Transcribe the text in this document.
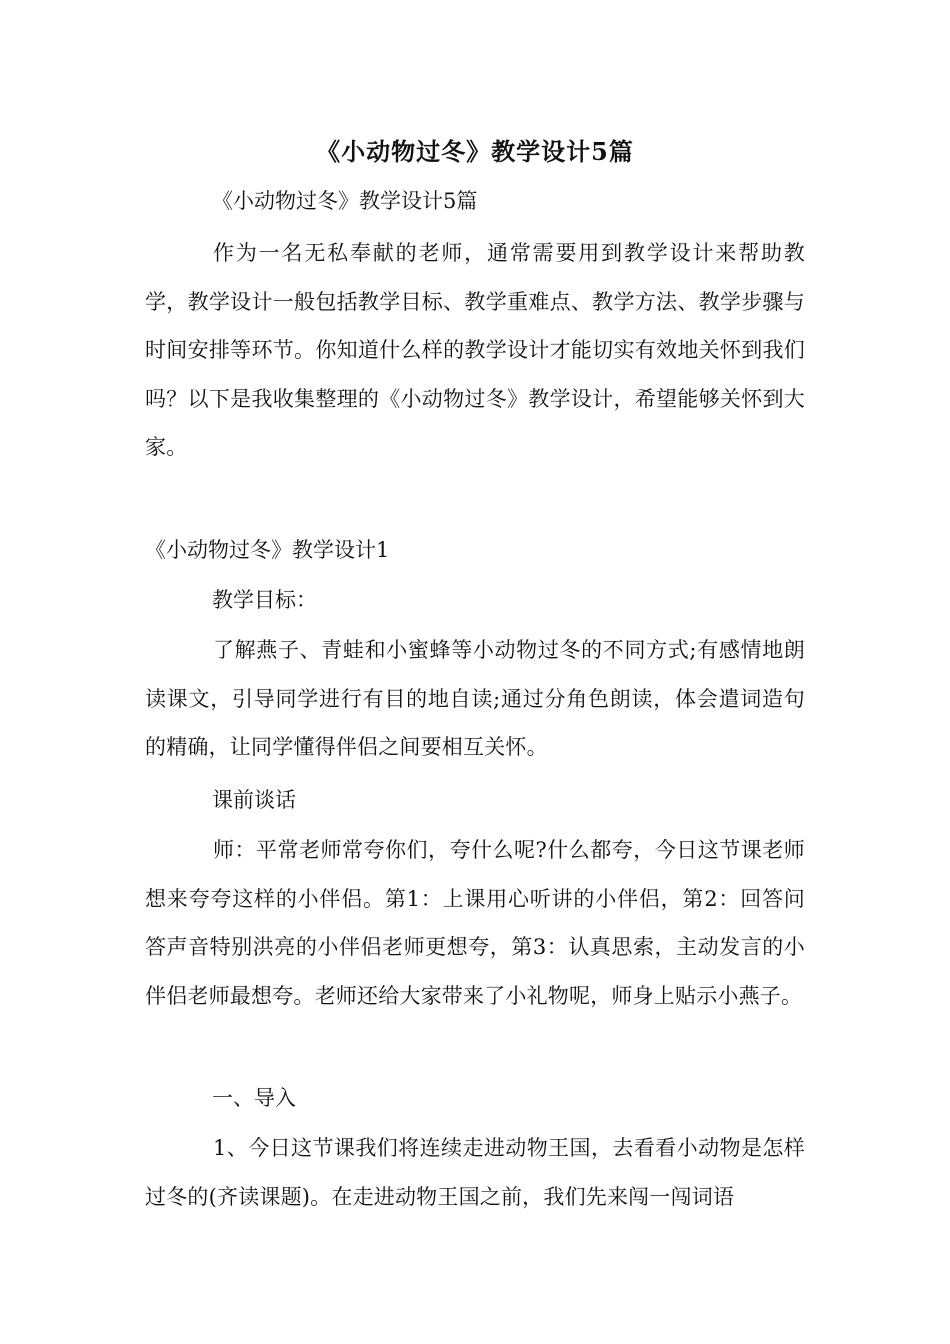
《小动物过冬》教学设计5篇
《小动物过冬》教学设计5篇
作为一名无私奉献的老师，通常需要用到教学设计来帮助教学，教学设计一般包括教学目标、教学重难点、教学方法、教学步骤与时间安排等环节。你知道什么样的教学设计才能切实有效地关怀到我们吗？以下是我收集整理的《小动物过冬》教学设计，希望能够关怀到大家。
《小动物过冬》教学设计1
教学目标：
了解燕子、青蛙和小蜜蜂等小动物过冬的不同方式;有感情地朗读课文，引导同学进行有目的地自读;通过分角色朗读，体会遣词造句的精确，让同学懂得伴侣之间要相互关怀。
课前谈话
师：平常老师常夸你们，夸什么呢?什么都夸，今日这节课老师想来夸夸这样的小伴侣。第1：上课用心听讲的小伴侣，第2：回答问答声音特别洪亮的小伴侣老师更想夸，第3：认真思索，主动发言的小伴侣老师最想夸。老师还给大家带来了小礼物呢，师身上贴示小燕子。
一、导入
1、今日这节课我们将连续走进动物王国，去看看小动物是怎样过冬的(齐读课题)。在走进动物王国之前，我们先来闯一闯词语
